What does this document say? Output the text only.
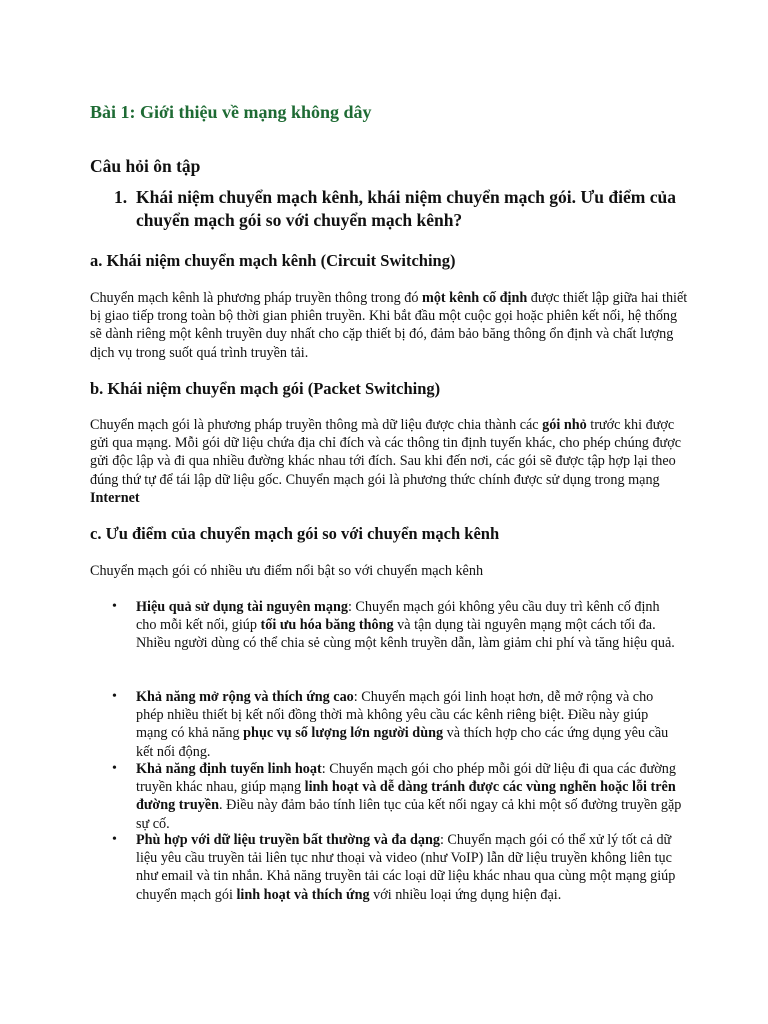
Bài 1: Giới thiệu về mạng không dây
Câu hỏi ôn tập
1. Khái niệm chuyển mạch kênh, khái niệm chuyển mạch gói. Ưu điểm của chuyển mạch gói so với chuyển mạch kênh?
a. Khái niệm chuyển mạch kênh (Circuit Switching)

Chuyển mạch kênh là phương pháp truyền thông trong đó một kênh cố định được thiết lập giữa hai thiết bị giao tiếp trong toàn bộ thời gian phiên truyền. Khi bắt đầu một cuộc gọi hoặc phiên kết nối, hệ thống sẽ dành riêng một kênh truyền duy nhất cho cặp thiết bị đó, đảm bảo băng thông ổn định và chất lượng dịch vụ trong suốt quá trình truyền tải.

b. Khái niệm chuyển mạch gói (Packet Switching)

Chuyển mạch gói là phương pháp truyền thông mà dữ liệu được chia thành các gói nhỏ trước khi được gửi qua mạng. Mỗi gói dữ liệu chứa địa chỉ đích và các thông tin định tuyến khác, cho phép chúng được gửi độc lập và đi qua nhiều đường khác nhau tới đích. Sau khi đến nơi, các gói sẽ được tập hợp lại theo đúng thứ tự để tái lập dữ liệu gốc. Chuyển mạch gói là phương thức chính được sử dụng trong mạng Internet

c. Ưu điểm của chuyển mạch gói so với chuyển mạch kênh

Chuyển mạch gói có nhiều ưu điểm nổi bật so với chuyển mạch kênh

• Hiệu quả sử dụng tài nguyên mạng: Chuyển mạch gói không yêu cầu duy trì kênh cố định cho mỗi kết nối, giúp tối ưu hóa băng thông và tận dụng tài nguyên mạng một cách tối đa. Nhiều người dùng có thể chia sẻ cùng một kênh truyền dẫn, làm giảm chi phí và tăng hiệu quả.
• Khả năng mở rộng và thích ứng cao: Chuyển mạch gói linh hoạt hơn, dễ mở rộng và cho phép nhiều thiết bị kết nối đồng thời mà không yêu cầu các kênh riêng biệt. Điều này giúp mạng có khả năng phục vụ số lượng lớn người dùng và thích hợp cho các ứng dụng yêu cầu kết nối động.
• Khả năng định tuyến linh hoạt: Chuyển mạch gói cho phép mỗi gói dữ liệu đi qua các đường truyền khác nhau, giúp mạng linh hoạt và dễ dàng tránh được các vùng nghẽn hoặc lỗi trên đường truyền. Điều này đảm bảo tính liên tục của kết nối ngay cả khi một số đường truyền gặp sự cố.
• Phù hợp với dữ liệu truyền bất thường và đa dạng: Chuyển mạch gói có thể xử lý tốt cả dữ liệu yêu cầu truyền tải liên tục như thoại và video (như VoIP) lẫn dữ liệu truyền không liên tục như email và tin nhắn. Khả năng truyền tải các loại dữ liệu khác nhau qua cùng một mạng giúp chuyển mạch gói linh hoạt và thích ứng với nhiều loại ứng dụng hiện đại.
